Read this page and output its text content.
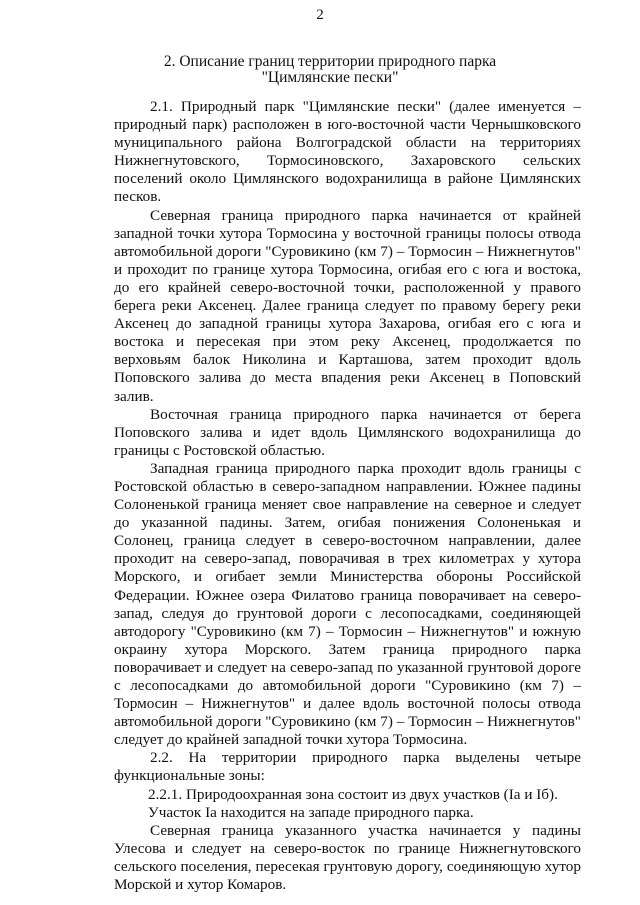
2
2. Описание границ территории природного парка
"Цимлянские пески"

2.1. Природный парк "Цимлянские пески" (далее именуется – природный парк) расположен в юго-восточной части Чернышковского муниципального района Волгоградской области на территориях Нижнегнутовского, Тормосиновского, Захаровского сельских поселений около Цимлянского водохранилища в районе Цимлянских песков.

Северная граница природного парка начинается от крайней западной точки хутора Тормосина у восточной границы полосы отвода автомобильной дороги "Суровикино (км 7) – Тормосин – Нижнегнутов" и проходит по границе хутора Тормосина, огибая его с юга и востока, до его крайней северо-восточной точки, расположенной у правого берега реки Аксенец. Далее граница следует по правому берегу реки Аксенец до западной границы хутора Захарова, огибая его с юга и востока и пересекая при этом реку Аксенец, продолжается по верховьям балок Николина и Карташова, затем проходит вдоль Поповского залива до места впадения реки Аксенец в Поповский залив.

Восточная граница природного парка начинается от берега Поповского залива и идет вдоль Цимлянского водохранилища до границы с Ростовской областью.

Западная граница природного парка проходит вдоль границы с Ростовской областью в северо-западном направлении. Южнее падины Солоненькой граница меняет свое направление на северное и следует до указанной падины. Затем, огибая понижения Солоненькая и Солонец, граница следует в северо-восточном направлении, далее проходит на северо-запад, поворачивая в трех километрах у хутора Морского, и огибает земли Министерства обороны Российской Федерации. Южнее озера Филатово граница поворачивает на северо-запад, следуя до грунтовой дороги с лесопосадками, соединяющей автодорогу "Суровикино (км 7) – Тормосин – Нижнегнутов" и южную окраину хутора Морского. Затем граница природного парка поворачивает и следует на северо-запад по указанной грунтовой дороге с лесопосадками до автомобильной дороги "Суровикино (км 7) – Тормосин – Нижнегнутов" и далее вдоль восточной полосы отвода автомобильной дороги "Суровикино (км 7) – Тормосин – Нижнегнутов" следует до крайней западной точки хутора Тормосина.

2.2. На территории природного парка выделены четыре функциональные зоны:

2.2.1. Природоохранная зона состоит из двух участков (Iа и Iб).

Участок Iа находится на западе природного парка.

Северная граница указанного участка начинается у падины Улесова и следует на северо-восток по границе Нижнегнутовского сельского поселения, пересекая грунтовую дорогу, соединяющую хутор Морской и хутор Комаров.
